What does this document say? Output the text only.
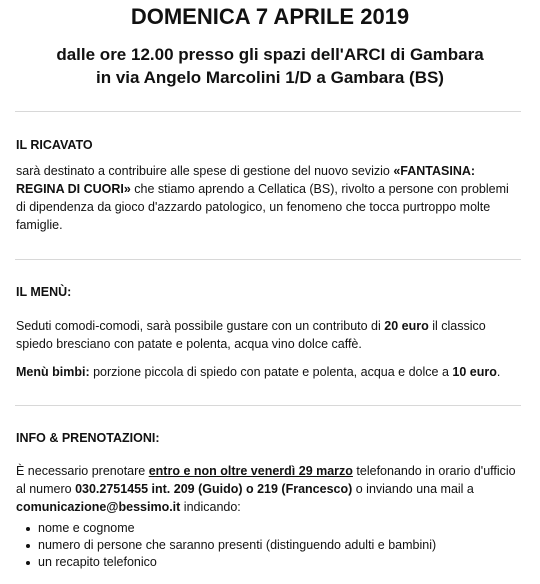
DOMENICA 7 APRILE 2019
dalle ore 12.00 presso gli spazi dell'ARCI di Gambara
in via Angelo Marcolini 1/D a Gambara (BS)
IL RICAVATO
sarà destinato a contribuire alle spese di gestione del nuovo sevizio «FANTASINA: REGINA DI CUORI» che stiamo aprendo a Cellatica (BS), rivolto a persone con problemi di dipendenza da gioco d'azzardo patologico, un fenomeno che tocca purtroppo molte famiglie.
IL MENÙ:
Seduti comodi-comodi, sarà possibile gustare con un contributo di 20 euro il classico spiedo bresciano con patate e polenta, acqua vino dolce caffè.
Menù bimbi: porzione piccola di spiedo con patate e polenta, acqua e dolce a 10 euro.
INFO & PRENOTAZIONI:
È necessario prenotare entro e non oltre venerdì 29 marzo telefonando in orario d'ufficio al numero 030.2751455 int. 209 (Guido) o 219 (Francesco) o inviando una mail a comunicazione@bessimo.it indicando:
nome e cognome
numero di persone che saranno presenti (distinguendo adulti e bambini)
un recapito telefonico
